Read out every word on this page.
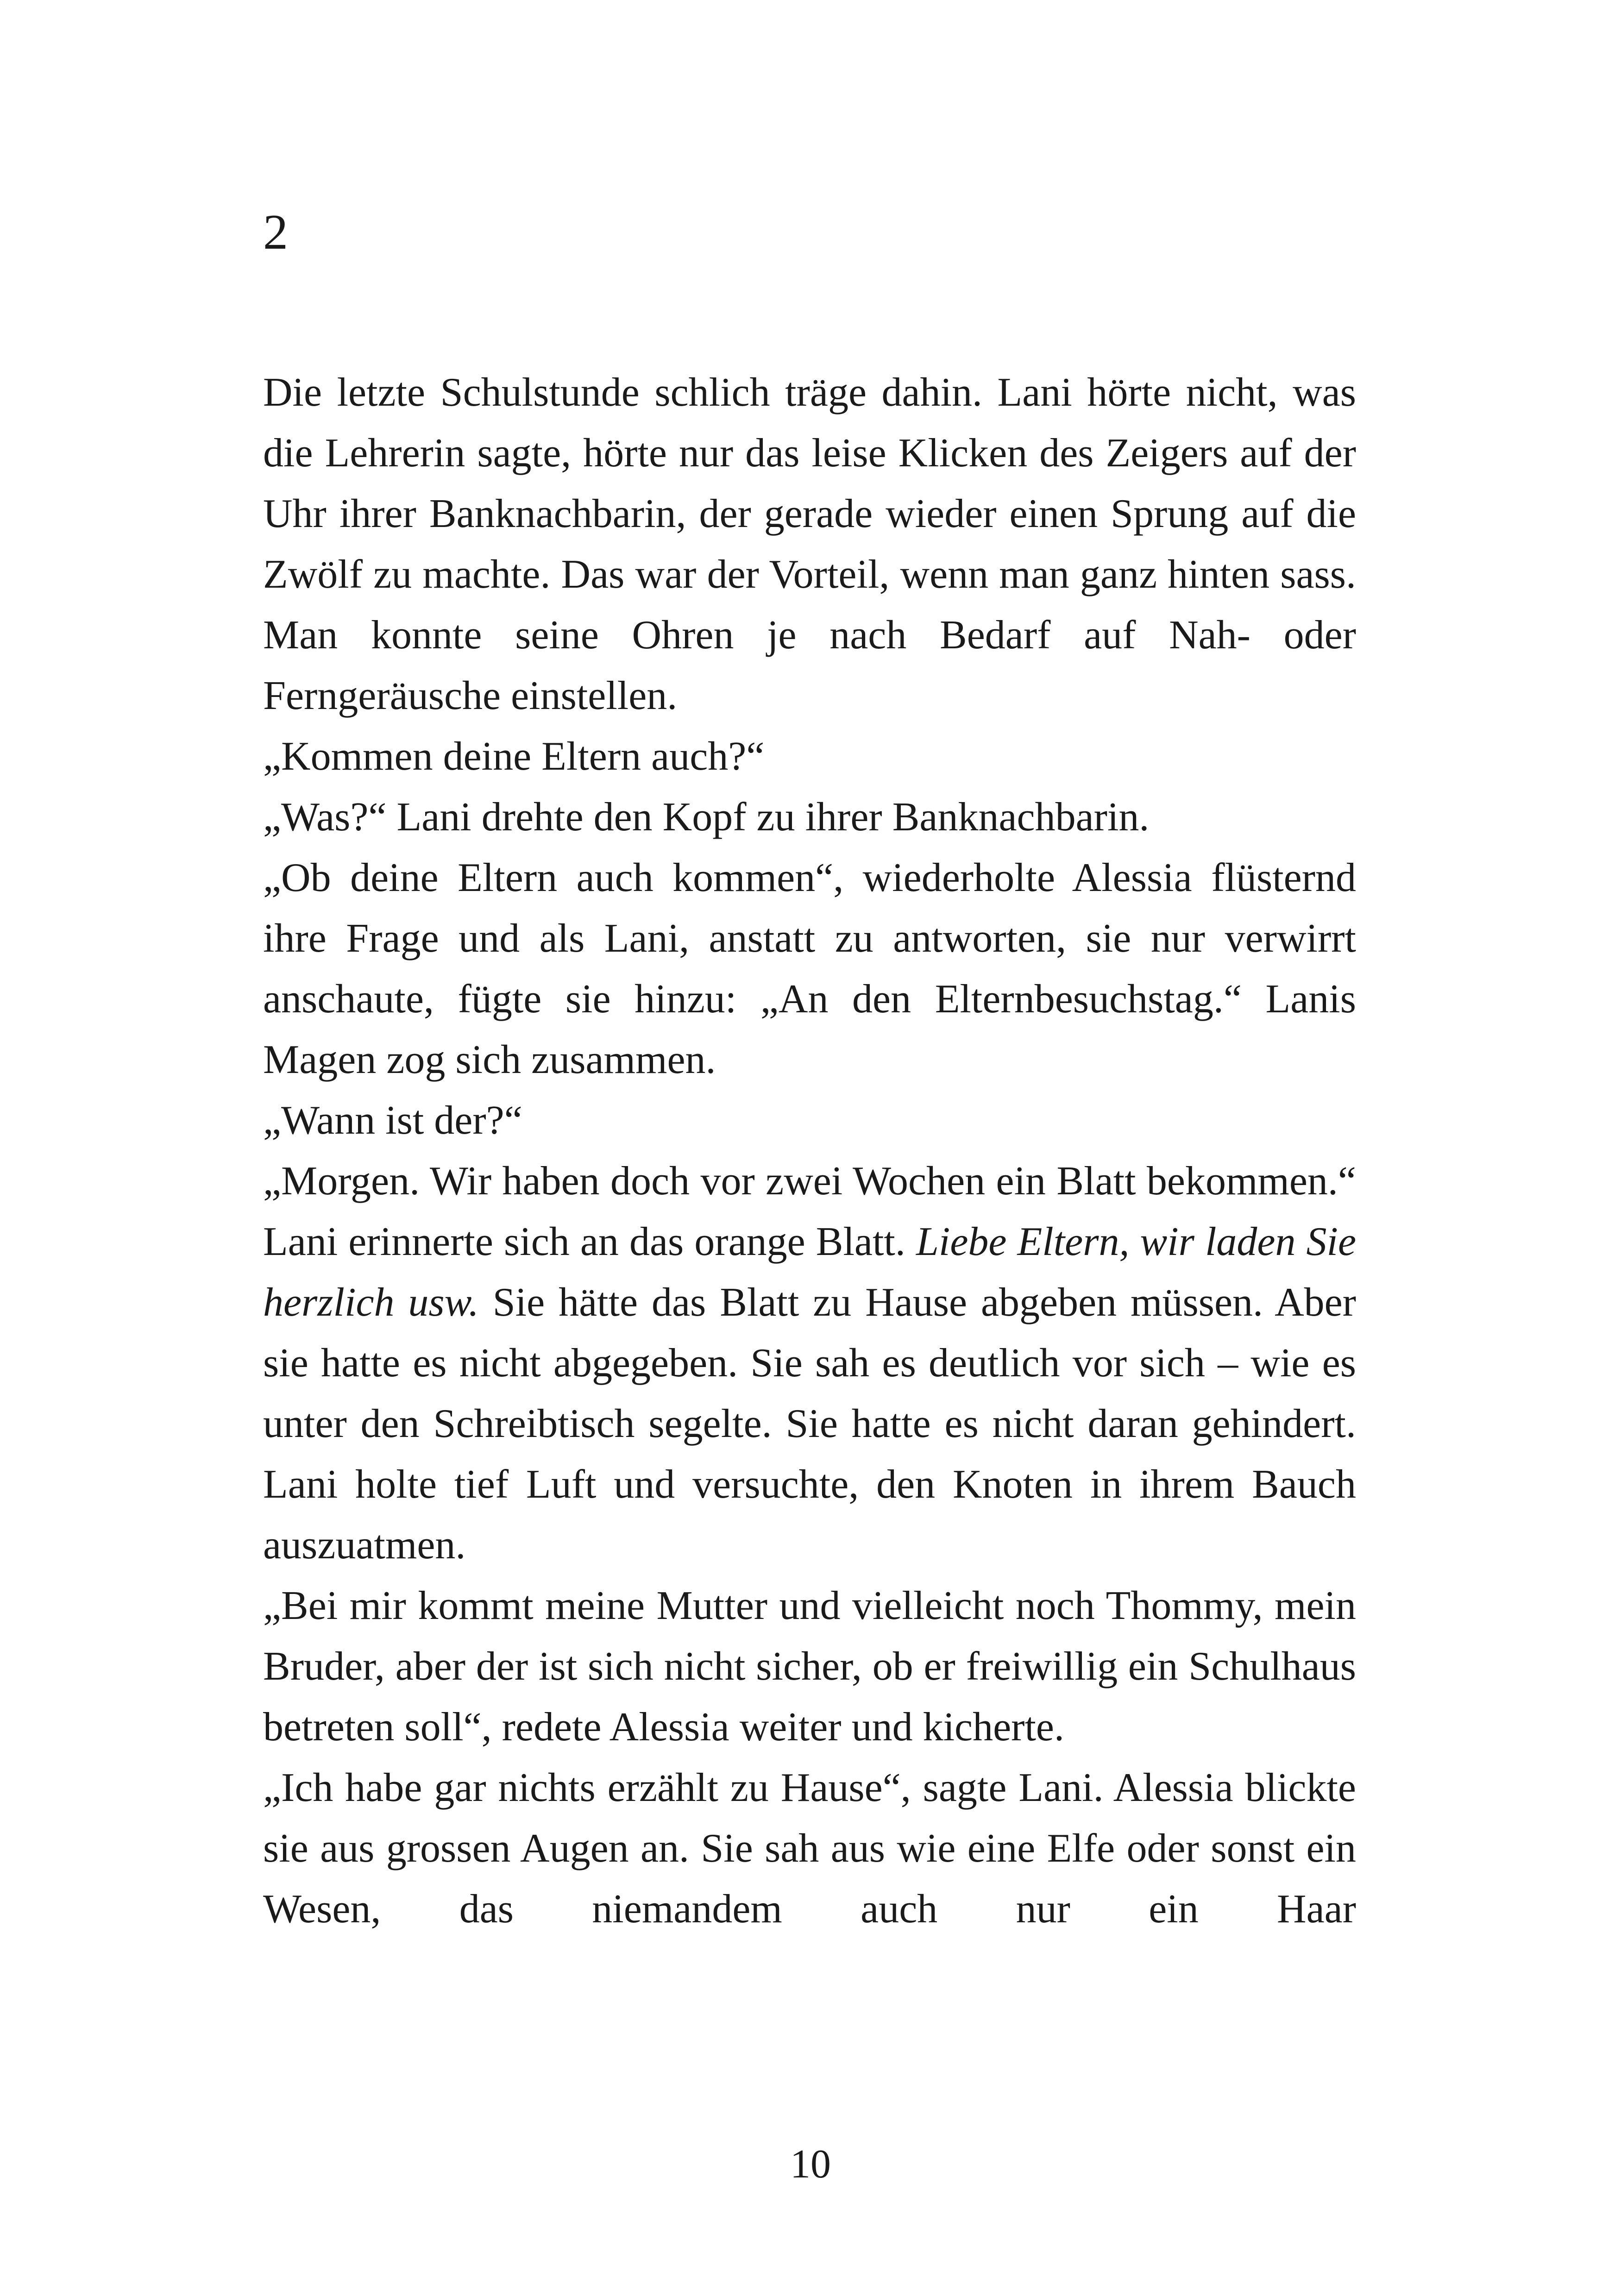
2

Die letzte Schulstunde schlich träge dahin. Lani hörte nicht, was die Lehrerin sagte, hörte nur das leise Klicken des Zeigers auf der Uhr ihrer Banknachbarin, der gerade wieder einen Sprung auf die Zwölf zu machte. Das war der Vorteil, wenn man ganz hinten sass. Man konnte seine Ohren je nach Bedarf auf Nah- oder Ferngeräusche einstellen.

„Kommen deine Eltern auch?“

„Was?“ Lani drehte den Kopf zu ihrer Banknachbarin.

„Ob deine Eltern auch kommen“, wiederholte Alessia flüsternd ihre Frage und als Lani, anstatt zu antworten, sie nur verwirrt anschaute, fügte sie hinzu: „An den Elternbesuchstag.“ Lanis Magen zog sich zusammen.

„Wann ist der?“

„Morgen. Wir haben doch vor zwei Wochen ein Blatt bekommen.“ Lani erinnerte sich an das orange Blatt. Liebe Eltern, wir laden Sie herzlich usw. Sie hätte das Blatt zu Hause abgeben müssen. Aber sie hatte es nicht abgegeben. Sie sah es deutlich vor sich – wie es unter den Schreibtisch segelte. Sie hatte es nicht daran gehindert. Lani holte tief Luft und versuchte, den Knoten in ihrem Bauch auszuatmen.

„Bei mir kommt meine Mutter und vielleicht noch Thommy, mein Bruder, aber der ist sich nicht sicher, ob er freiwillig ein Schulhaus betreten soll“, redete Alessia weiter und kicherte.

„Ich habe gar nichts erzählt zu Hause“, sagte Lani. Alessia blickte sie aus grossen Augen an. Sie sah aus wie eine Elfe oder sonst ein Wesen, das niemandem auch nur ein Haar

10
